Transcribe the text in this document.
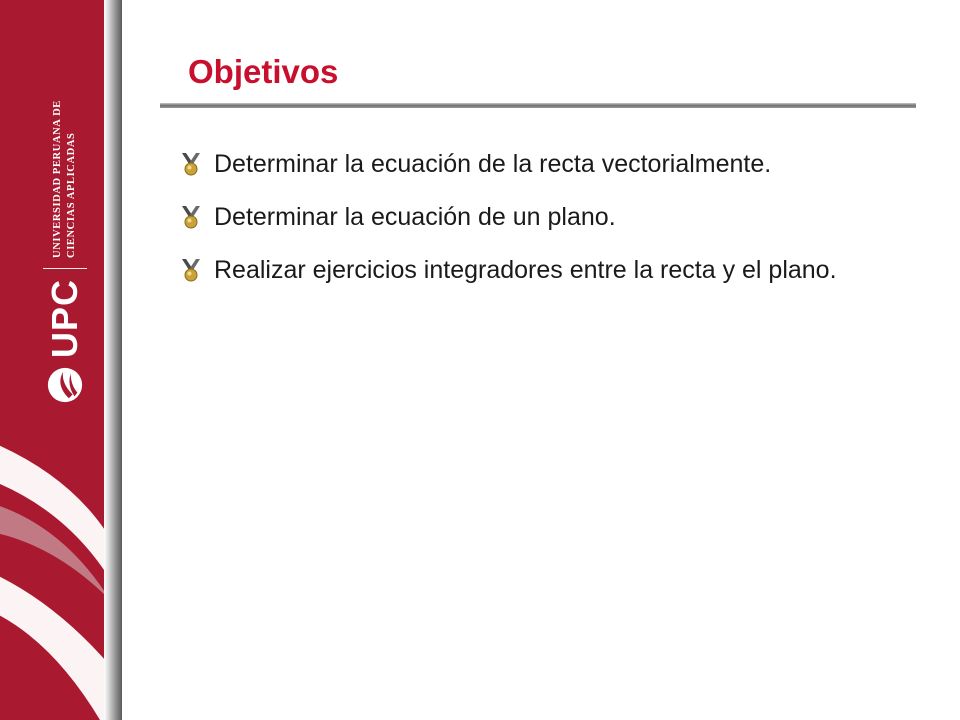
UPC
UNIVERSIDAD PERUANA DE CIENCIAS APLICADAS
Objetivos
Determinar la ecuación de la recta vectorialmente.
Determinar la ecuación de un plano.
Realizar ejercicios integradores entre la recta y el plano.
